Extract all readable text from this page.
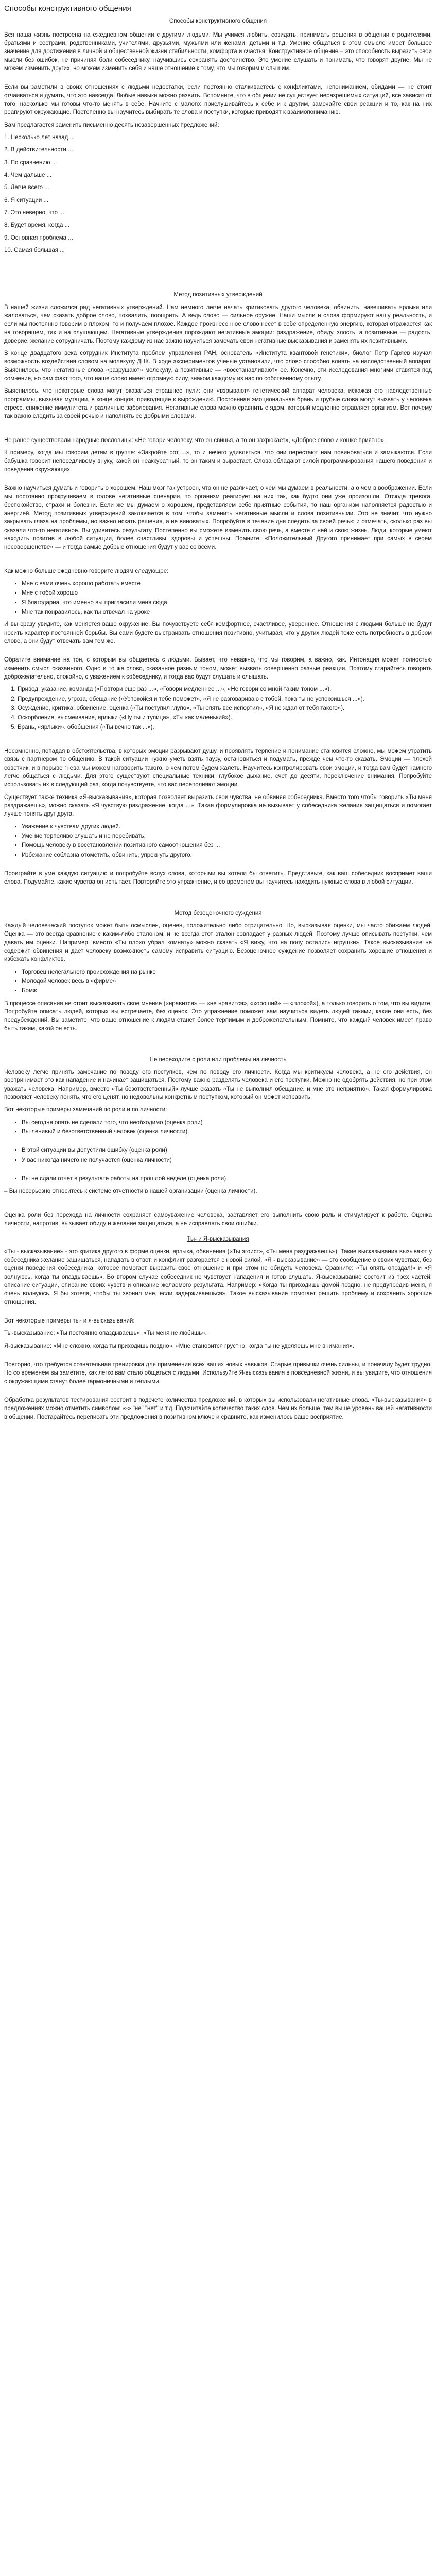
Способы конструктивного общения
Способы конструктивного общения

Вся наша жизнь построена на ежедневном общении с другими людьми. Мы учимся любить, созидать, принимать решения в общении с родителями, братьями и сестрами, родственниками, учителями, друзьями, мужьями или женами, детьми и т.д. Умение общаться в этом смысле имеет большое значение для достижения в личной и общественной жизни стабильности, комфорта и счастья. Конструктивное общение – это способность выразить свои мысли без ошибок, не причиняя боли собеседнику, научившись сохранять достоинство. Это умение слушать и понимать, что говорят другие. Мы не можем изменить других, но можем изменить себя и наше отношение к тому, что мы говорим и слышим.

Если вы заметили в своих отношениях с людьми недостатки, если постоянно сталкиваетесь с конфликтами, непониманием, обидами — не стоит отчаиваться и думать, что это навсегда. Любые навыки можно развить. Вспомните, что в общении не существует неразрешимых ситуаций, все зависит от того, насколько мы готовы что-то менять в себе. Начните с малого: прислушивайтесь к себе и к другим, замечайте свои реакции и то, как на них реагируют окружающие. Постепенно вы научитесь выбирать те слова и поступки, которые приводят к взаимопониманию.

Вам предлагается заменить письменно десять незавершенных предложений:

1. Несколько лет назад ...

2. В действительности ...

3. По сравнению ...

4. Чем дальше ...

5. Легче всего ...

6. Я ситуации ...

7. Это неверно, что ...

8. Будет время, когда ...

9. Основная проблема ...

10. Самая большая ...

Метод позитивных утверждений

В нашей жизни сложился ряд негативных утверждений. Нам немного легче начать критиковать другого человека, обвинить, навешивать ярлыки или жаловаться, чем сказать доброе слово, похвалить, поощрить. А ведь слово — сильное оружие. Наши мысли и слова формируют нашу реальность, и если мы постоянно говорим о плохом, то и получаем плохое. Каждое произнесенное слово несет в себе определенную энергию, которая отражается как на говорящем, так и на слушающем. Негативные утверждения порождают негативные эмоции: раздражение, обиду, злость, а позитивные — радость, доверие, желание сотрудничать. Поэтому каждому из нас важно научиться замечать свои негативные высказывания и заменять их позитивными.

В конце двадцатого века сотрудник Института проблем управления РАН, основатель «Института квантовой генетики», биолог Петр Гаряев изучал возможность воздействия словом на молекулу ДНК. В ходе экспериментов ученые установили, что слово способно влиять на наследственный аппарат. Выяснилось, что негативные слова «разрушают» молекулу, а позитивные — «восстанавливают» ее. Конечно, эти исследования многими ставятся под сомнение, но сам факт того, что наше слово имеет огромную силу, знаком каждому из нас по собственному опыту.

Выяснилось, что некоторые слова могут оказаться страшнее пули: они «взрывают» генетический аппарат человека, искажая его наследственные программы, вызывая мутации, в конце концов, приводящие к вырождению. Постоянная эмоциональная брань и грубые слова могут вызвать у человека стресс, снижение иммунитета и различные заболевания. Негативные слова можно сравнить с ядом, который медленно отравляет организм. Вот почему так важно следить за своей речью и наполнять ее добрыми словами.

Не ранее существовали народные пословицы: «Не говори человеку, что он свинья, а то он захрюкает», «Доброе слово и кошке приятно».

К примеру, когда мы говорим детям в группе: «Закройте рот ...», то и нечего удивляться, что они перестают нам повиноваться и замыкаются. Если бабушка говорит непоседливому внуку, какой он неаккуратный, то он таким и вырастает. Слова обладают силой программирования нашего поведения и поведения окружающих.

Важно научиться думать и говорить о хорошем. Наш мозг так устроен, что он не различает, о чем мы думаем в реальности, а о чем в воображении. Если мы постоянно прокручиваем в голове негативные сценарии, то организм реагирует на них так, как будто они уже произошли. Отсюда тревога, беспокойство, страхи и болезни. Если же мы думаем о хорошем, представляем себе приятные события, то наш организм наполняется радостью и энергией. Метод позитивных утверждений заключается в том, чтобы заменить негативные мысли и слова позитивными. Это не значит, что нужно закрывать глаза на проблемы, но важно искать решения, а не виноватых. Попробуйте в течение дня следить за своей речью и отмечать, сколько раз вы сказали что-то негативное. Вы удивитесь результату. Постепенно вы сможете изменить свою речь, а вместе с ней и свою жизнь. Люди, которые умеют находить позитив в любой ситуации, более счастливы, здоровы и успешны. Помните: «Положительный Другого принимает при самых в своем несовершенстве» — и тогда самые добрые отношения будут у вас со всеми.

Как можно больше ежедневно говорите людям следующее:

• Мне с вами очень хорошо работать вместе
• Мне с тобой хорошо
• Я благодарна, что именно вы пригласили меня сюда
• Мне так понравилось, как ты отвечал на уроке

И вы сразу увидите, как меняется ваше окружение. Вы почувствуете себя комфортнее, счастливее, увереннее. Отношения с людьми больше не будут носить характер постоянной борьбы. Вы сами будете выстраивать отношения позитивно, учитывая, что у других людей тоже есть потребность в добром слове, а они будут отвечать вам тем же.

Обратите внимание на тон, с которым вы общаетесь с людьми. Бывает, что неважно, что мы говорим, а важно, как. Интонация может полностью изменить смысл сказанного. Одно и то же слово, сказанное разным тоном, может вызвать совершенно разные реакции. Поэтому старайтесь говорить доброжелательно, спокойно, с уважением к собеседнику, и тогда вас будут слушать и слышать.

1. Привод, указание, команда («Повтори еще раз ...», «Говори медленнее ...», «Не говори со мной таким тоном ...»).
2. Предупреждение, угроза, обещание («Успокойся и тебе поможет», «Я не разговариваю с тобой, пока ты не успокоишься ...»).
3. Осуждение, критика, обвинение, оценка («Ты поступил глупо», «Ты опять все испортил», «Я не ждал от тебя такого»).
4. Оскорбление, высмеивание, ярлыки («Ну ты и тупица», «Ты как маленький»).
5. Брань, «ярлыки», обобщения («Ты вечно так ...»).

Несомненно, попадая в обстоятельства, в которых эмоции разрывают душу, и проявлять терпение и понимание становится сложно, мы можем утратить связь с партнером по общению. В такой ситуации нужно уметь взять паузу, остановиться и подумать, прежде чем что-то сказать. Эмоции — плохой советчик, и в порыве гнева мы можем наговорить такого, о чем потом будем жалеть. Научитесь контролировать свои эмоции, и тогда вам будет намного легче общаться с людьми. Для этого существуют специальные техники: глубокое дыхание, счет до десяти, переключение внимания. Попробуйте использовать их в следующий раз, когда почувствуете, что вас переполняют эмоции.

Существует также техника «Я-высказывания», которая позволяет выразить свои чувства, не обвиняя собеседника. Вместо того чтобы говорить «Ты меня раздражаешь», можно сказать «Я чувствую раздражение, когда ...». Такая формулировка не вызывает у собеседника желания защищаться и помогает лучше понять друг друга.

• Уважение к чувствам других людей.
• Умение терпеливо слушать и не перебивать.
• Помощь человеку в восстановлении позитивного самоотношения без ...
• Избежание соблазна отомстить, обвинить, упрекнуть другого.

Проиграйте в уме каждую ситуацию и попробуйте вслух слова, которыми вы хотели бы ответить. Представьте, как ваш собеседник воспримет ваши слова. Подумайте, какие чувства он испытает. Повторяйте это упражнение, и со временем вы научитесь находить нужные слова в любой ситуации.

Метод безоценочного суждения

Каждый человеческий поступок может быть осмыслен, оценен, положительно либо отрицательно. Но, высказывая оценки, мы часто обижаем людей. Оценка — это всегда сравнение с каким-либо эталоном, и не всегда этот эталон совпадает у разных людей. Поэтому лучше описывать поступки, чем давать им оценки. Например, вместо «Ты плохо убрал комнату» можно сказать «Я вижу, что на полу остались игрушки». Такое высказывание не содержит обвинения и дает человеку возможность самому исправить ситуацию. Безоценочное суждение позволяет сохранить хорошие отношения и избежать конфликтов.

• Торговец нелегального происхождения на рынке
• Молодой человек весь в «фирме»
• Бомж

В процессе описания не стоит высказывать свое мнение («нравится» — «не нравится», «хороший» — «плохой»), а только говорить о том, что вы видите. Попробуйте описать людей, которых вы встречаете, без оценок. Это упражнение поможет вам научиться видеть людей такими, какие они есть, без предубеждений. Вы заметите, что ваше отношение к людям станет более терпимым и доброжелательным. Помните, что каждый человек имеет право быть таким, какой он есть.

Не переходите с роли или проблемы на личность

Человеку легче принять замечание по поводу его поступков, чем по поводу его личности. Когда мы критикуем человека, а не его действия, он воспринимает это как нападение и начинает защищаться. Поэтому важно разделять человека и его поступки. Можно не одобрять действия, но при этом уважать человека. Например, вместо «Ты безответственный» лучше сказать «Ты не выполнил обещание, и мне это неприятно». Такая формулировка позволяет человеку понять, что его ценят, но недовольны конкретным поступком, который он может исправить.

Вот некоторые примеры замечаний по роли и по личности:

• Вы сегодня опять не сделали того, что необходимо (оценка роли)
• Вы ленивый и безответственный человек (оценка личности)
• В этой ситуации вы допустили ошибку (оценка роли)
• У вас никогда ничего не получается (оценка личности)
• Вы не сдали отчет в результате работы на прошлой неделе (оценка роли)

– Вы несерьезно относитесь к системе отчетности в нашей организации (оценка личности).

Оценка роли без перехода на личности сохраняет самоуважение человека, заставляет его выполнить свою роль и стимулирует к работе. Оценка личности, напротив, вызывает обиду и желание защищаться, а не исправлять свои ошибки.

Ты- и Я-высказывания

«Ты - высказывание» - это критика другого в форме оценки, ярлыка, обвинения («Ты эгоист», «Ты меня раздражаешь»). Такие высказывания вызывают у собеседника желание защищаться, нападать в ответ, и конфликт разгорается с новой силой. «Я - высказывание» — это сообщение о своих чувствах, без оценки поведения собеседника, которое помогает выразить свое отношение и при этом не обидеть человека. Сравните: «Ты опять опоздал!» и «Я волнуюсь, когда ты опаздываешь». Во втором случае собеседник не чувствует нападения и готов слушать. Я-высказывание состоит из трех частей: описание ситуации, описание своих чувств и описание желаемого результата. Например: «Когда ты приходишь домой поздно, не предупредив меня, я очень волнуюсь. Я бы хотела, чтобы ты звонил мне, если задерживаешься». Такое высказывание помогает решить проблему и сохранить хорошие отношения.

Вот некоторые примеры ты- и я-высказываний:

Ты-высказывание: «Ты постоянно опаздываешь», «Ты меня не любишь».

Я-высказывание: «Мне сложно, когда ты приходишь поздно», «Мне становится грустно, когда ты не уделяешь мне внимания».

Повторно, что требуется сознательная тренировка для применения всех ваших новых навыков. Старые привычки очень сильны, и поначалу будет трудно. Но со временем вы заметите, как легко вам стало общаться с людьми. Используйте Я-высказывания в повседневной жизни, и вы увидите, что отношения с окружающими станут более гармоничными и теплыми.

Обработка результатов тестирования состоит в подсчете количества предложений, в которых вы использовали негативные слова. «Ты-высказывания» в предложениях можно отметить символом: «-» "не" "нет" и т.д. Подсчитайте количество таких слов. Чем их больше, тем выше уровень вашей негативности в общении. Постарайтесь переписать эти предложения в позитивном ключе и сравните, как изменилось ваше восприятие.
